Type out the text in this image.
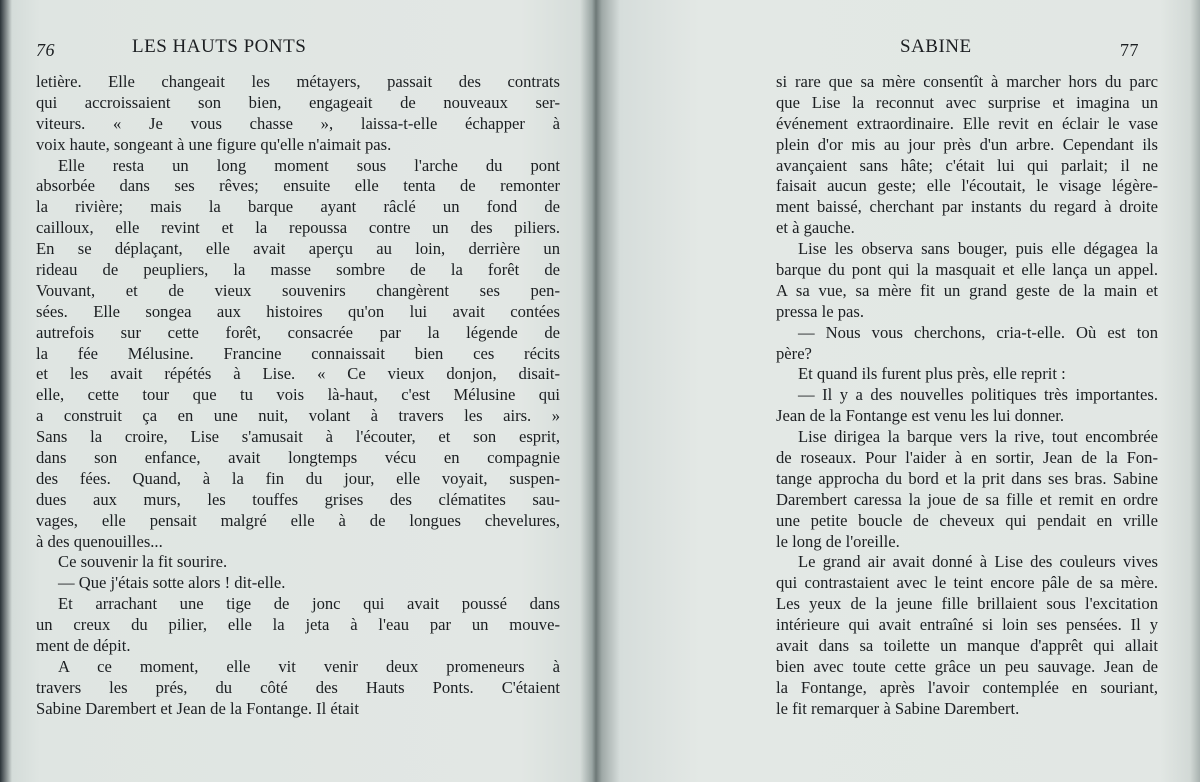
76	LES HAUTS PONTS
letière. Elle changeait les métayers, passait des contrats
qui accroissaient son bien, engageait de nouveaux ser-
viteurs. « Je vous chasse », laissa-t-elle échapper à
voix haute, songeant à une figure qu'elle n'aimait pas.
Elle resta un long moment sous l'arche du pont
absorbée dans ses rêves; ensuite elle tenta de remonter
la rivière; mais la barque ayant râclé un fond de
cailloux, elle revint et la repoussa contre un des piliers.
En se déplaçant, elle avait aperçu au loin, derrière un
rideau de peupliers, la masse sombre de la forêt de
Vouvant, et de vieux souvenirs changèrent ses pen-
sées. Elle songea aux histoires qu'on lui avait contées
autrefois sur cette forêt, consacrée par la légende de
la fée Mélusine. Francine connaissait bien ces récits
et les avait répétés à Lise. « Ce vieux donjon, disait-
elle, cette tour que tu vois là-haut, c'est Mélusine qui
a construit ça en une nuit, volant à travers les airs. »
Sans la croire, Lise s'amusait à l'écouter, et son esprit,
dans son enfance, avait longtemps vécu en compagnie
des fées. Quand, à la fin du jour, elle voyait, suspen-
dues aux murs, les touffes grises des clématites sau-
vages, elle pensait malgré elle à de longues chevelures,
à des quenouilles...
Ce souvenir la fit sourire.
— Que j'étais sotte alors ! dit-elle.
Et arrachant une tige de jonc qui avait poussé dans
un creux du pilier, elle la jeta à l'eau par un mouve-
ment de dépit.
A ce moment, elle vit venir deux promeneurs à
travers les prés, du côté des Hauts Ponts. C'étaient
Sabine Darembert et Jean de la Fontange. Il était
SABINE	77
si rare que sa mère consentît à marcher hors du parc
que Lise la reconnut avec surprise et imagina un
événement extraordinaire. Elle revit en éclair le vase
plein d'or mis au jour près d'un arbre. Cependant ils
avançaient sans hâte; c'était lui qui parlait; il ne
faisait aucun geste; elle l'écoutait, le visage légère-
ment baissé, cherchant par instants du regard à droite
et à gauche.
Lise les observa sans bouger, puis elle dégagea la
barque du pont qui la masquait et elle lança un appel.
A sa vue, sa mère fit un grand geste de la main et
pressa le pas.
— Nous vous cherchons, cria-t-elle. Où est ton
père?
Et quand ils furent plus près, elle reprit :
— Il y a des nouvelles politiques très importantes.
Jean de la Fontange est venu les lui donner.
Lise dirigea la barque vers la rive, tout encombrée
de roseaux. Pour l'aider à en sortir, Jean de la Fon-
tange approcha du bord et la prit dans ses bras. Sabine
Darembert caressa la joue de sa fille et remit en ordre
une petite boucle de cheveux qui pendait en vrille
le long de l'oreille.
Le grand air avait donné à Lise des couleurs vives
qui contrastaient avec le teint encore pâle de sa mère.
Les yeux de la jeune fille brillaient sous l'excitation
intérieure qui avait entraîné si loin ses pensées. Il y
avait dans sa toilette un manque d'apprêt qui allait
bien avec toute cette grâce un peu sauvage. Jean de
la Fontange, après l'avoir contemplée en souriant,
le fit remarquer à Sabine Darembert.
